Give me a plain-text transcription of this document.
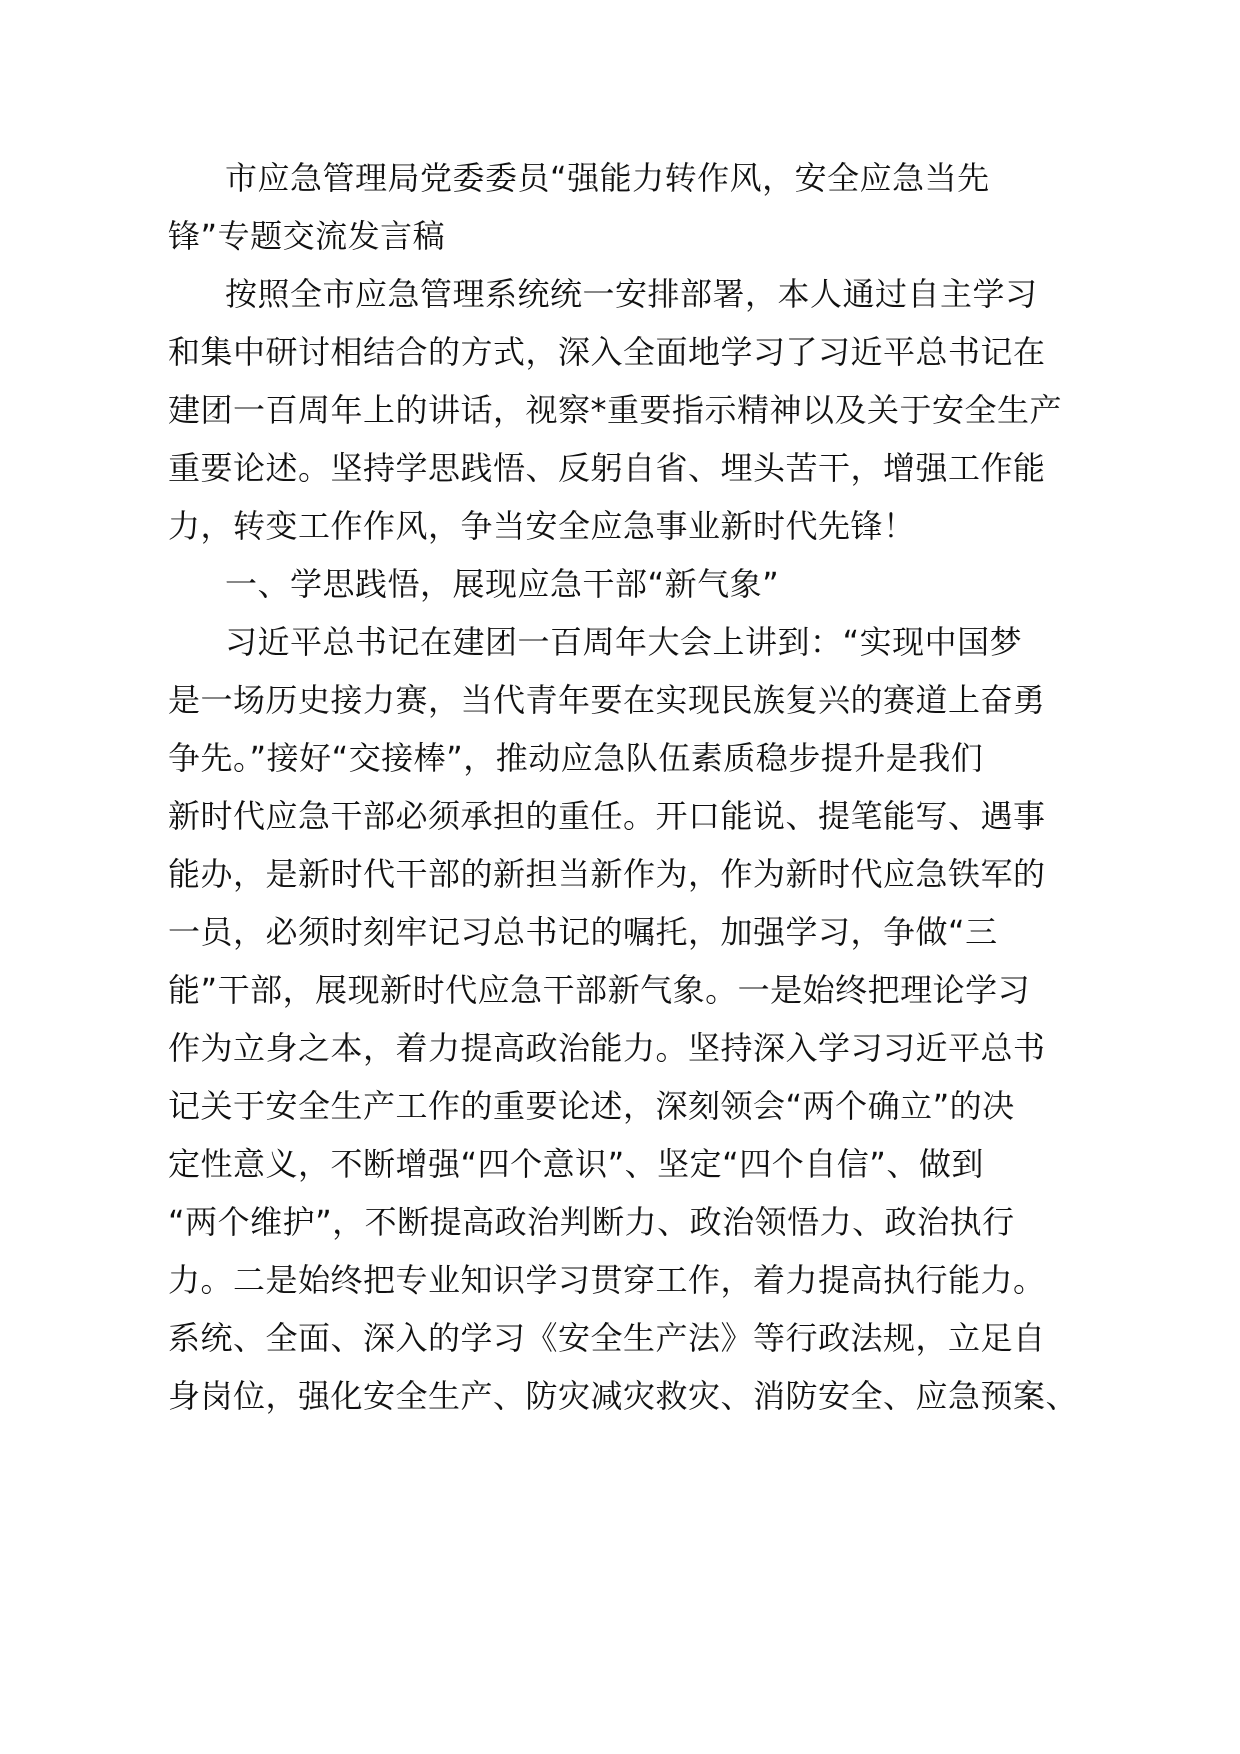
市应急管理局党委委员“强能力转作风，安全应急当先
锋”专题交流发言稿
按照全市应急管理系统统一安排部署，本人通过自主学习
和集中研讨相结合的方式，深入全面地学习了习近平总书记在
建团一百周年上的讲话，视察*重要指示精神以及关于安全生产
重要论述。坚持学思践悟、反躬自省、埋头苦干，增强工作能
力，转变工作作风，争当安全应急事业新时代先锋！
一、学思践悟，展现应急干部“新气象”
习近平总书记在建团一百周年大会上讲到：“实现中国梦
是一场历史接力赛，当代青年要在实现民族复兴的赛道上奋勇
争先。”接好“交接棒”，推动应急队伍素质稳步提升是我们
新时代应急干部必须承担的重任。开口能说、提笔能写、遇事
能办，是新时代干部的新担当新作为，作为新时代应急铁军的
一员，必须时刻牢记习总书记的嘱托，加强学习，争做“三
能”干部，展现新时代应急干部新气象。一是始终把理论学习
作为立身之本，着力提高政治能力。坚持深入学习习近平总书
记关于安全生产工作的重要论述，深刻领会“两个确立”的决
定性意义，不断增强“四个意识”、坚定“四个自信”、做到
“两个维护”，不断提高政治判断力、政治领悟力、政治执行
力。二是始终把专业知识学习贯穿工作，着力提高执行能力。
系统、全面、深入的学习《安全生产法》等行政法规，立足自
身岗位，强化安全生产、防灾减灾救灾、消防安全、应急预案、
